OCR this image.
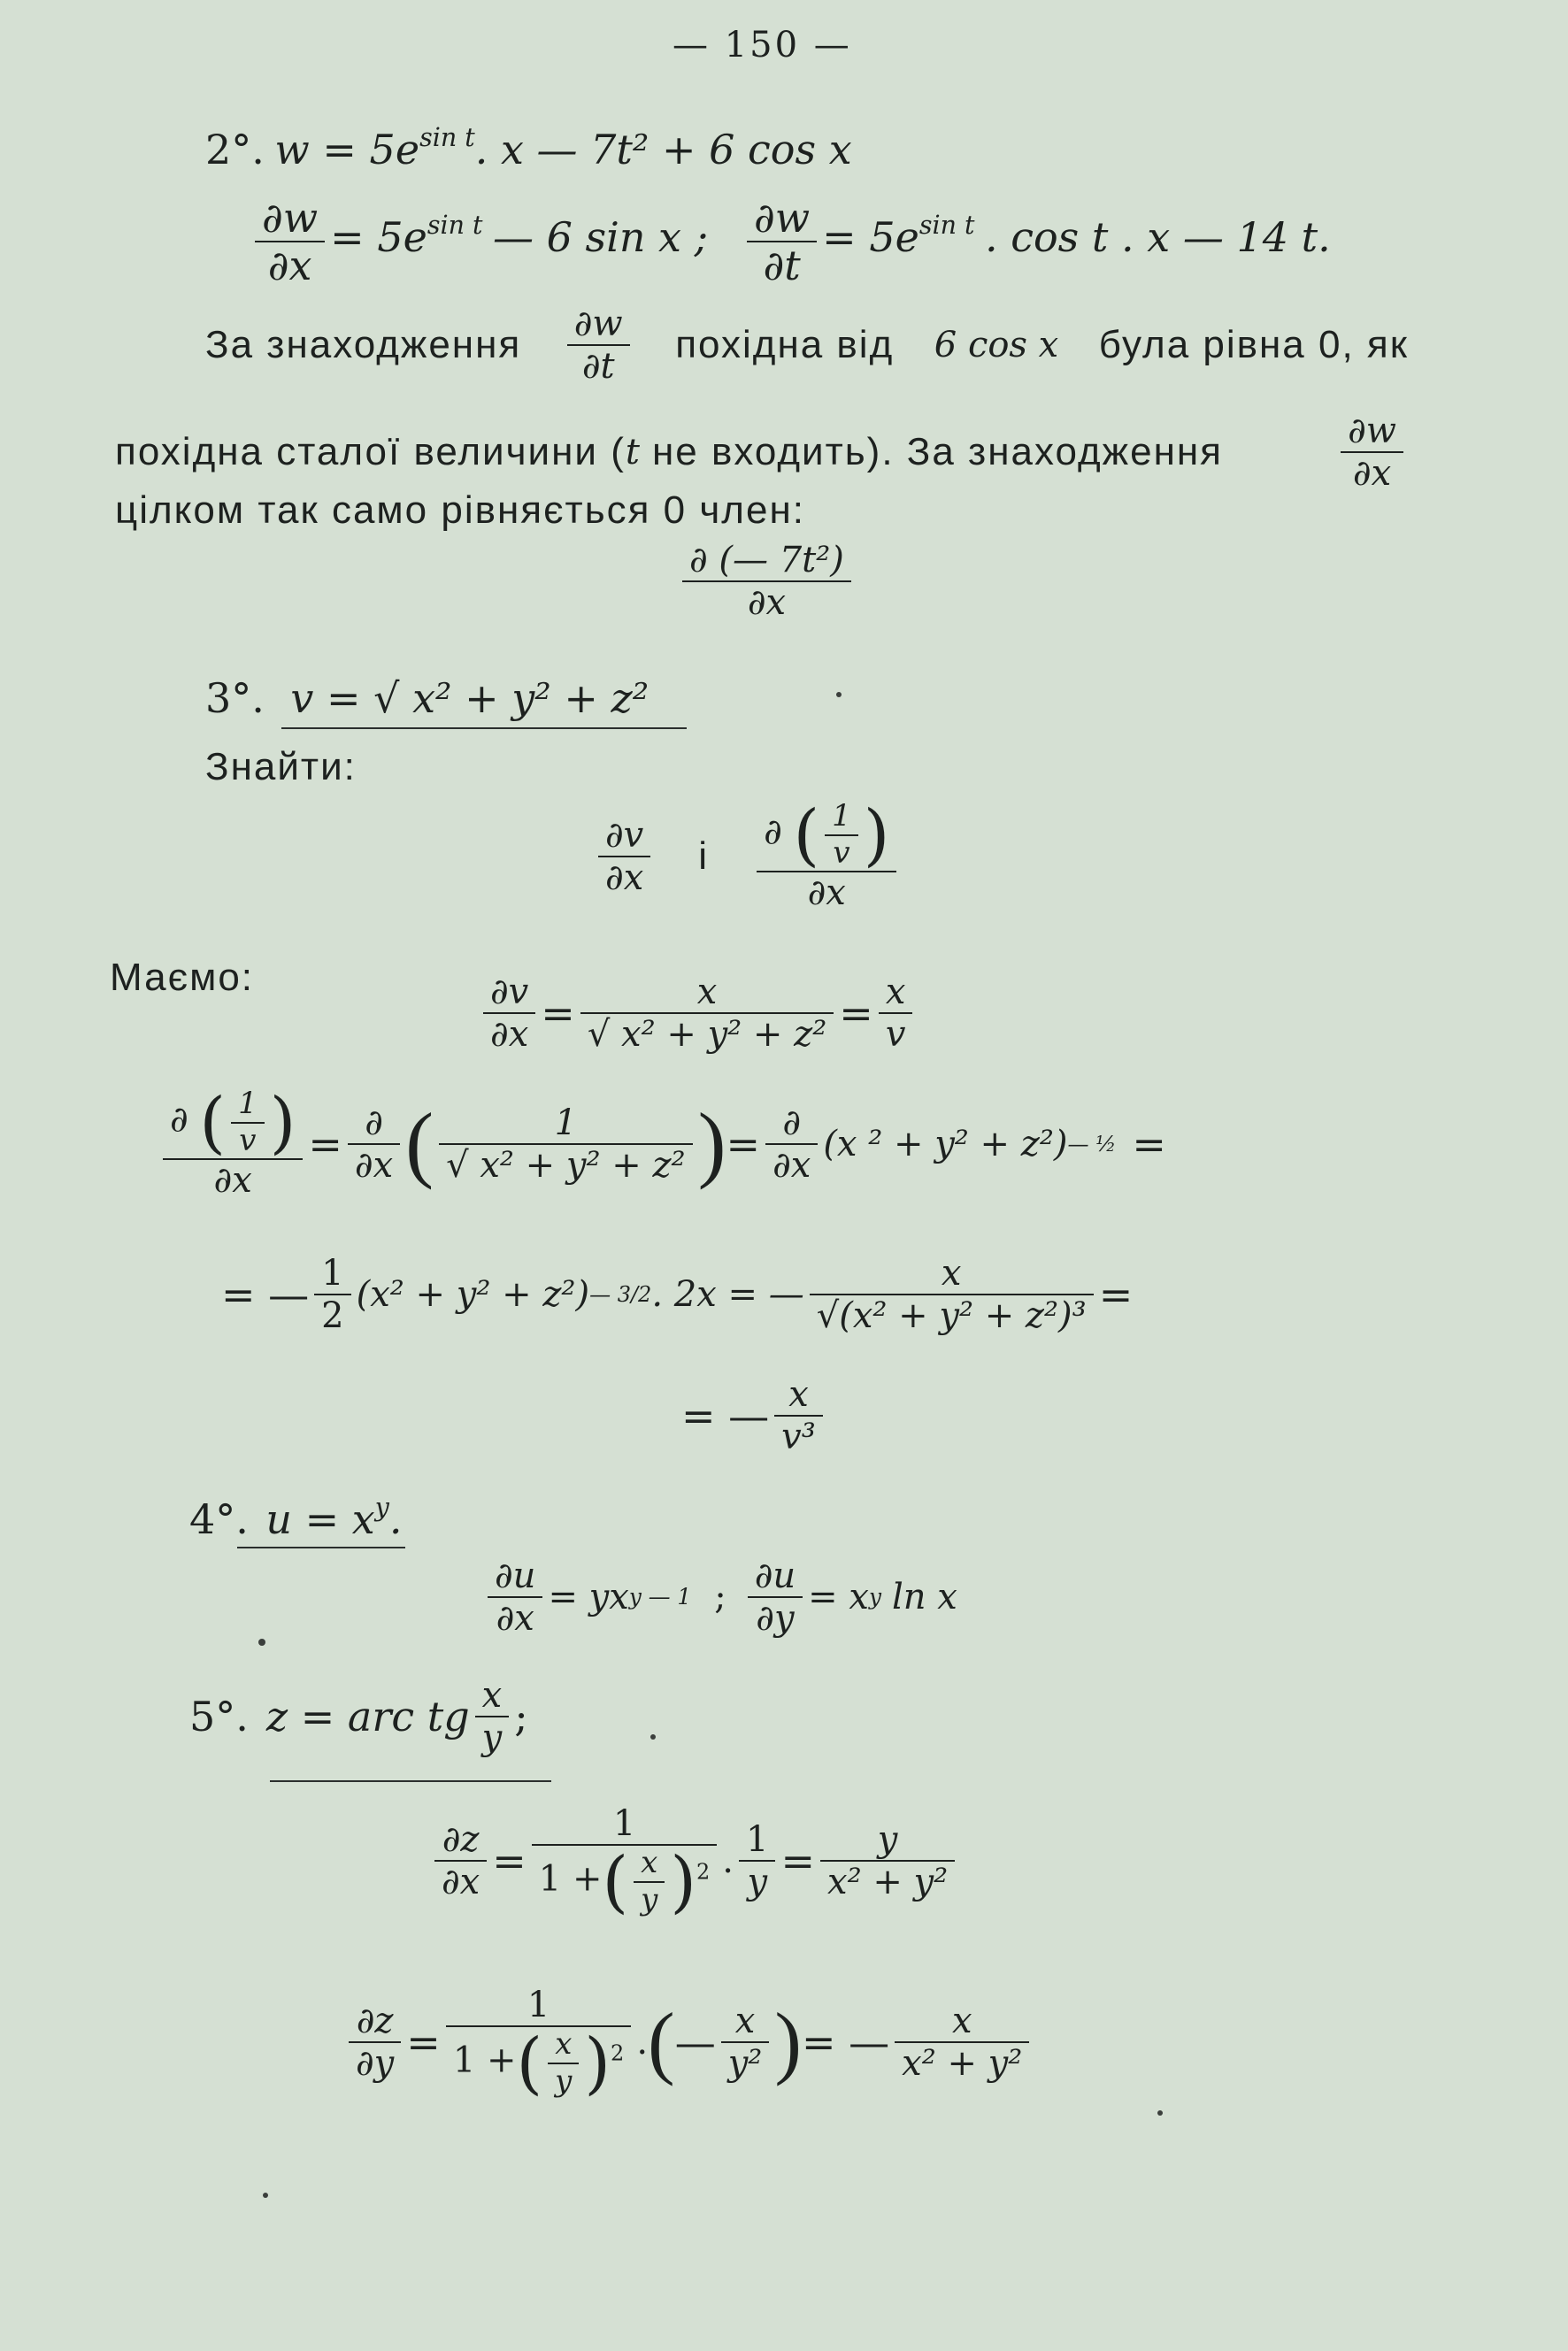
— 150 —
2°. $w = 5e^{sin t}$. x — 7t² + 6 cos x
$\frac{\partial w}{\partial x} = 5e^{sin t}$ — 6 sin x ; $\frac{\partial w}{\partial t} = 5e^{sin t}$ . cos t . x — 14 t.
За знаходження $\frac{\partial w}{\partial t}$ похідна від 6 cos x була рівна 0, як
похідна сталої величини ( t не входить). За знаходження	$\frac{\partial w}{\partial x}$
цілком так само рівняється 0 член:
$\frac{\text{∂ (— 7t²)}}{\partial x}$
3°. v = √ x² + y² + z²
Знайти:
$\frac{\partial v}{\partial x}$ і $\frac{\partial ( \frac{1}{v} )}{\partial x}$
Маємо:	$\frac{\partial v}{\partial x} = \frac{x}{\text{√ x² + y² + z²}} = \frac{x}{v}$
$\frac{\partial ( \frac{1}{v} )}{\partial x} = \frac{\partial}{\partial x}$ ( $\frac{1}{\text{√ x² + y² + z²}}$ ) = $\frac{\partial}{\partial x} (x$ ² + y² + z²) — ½ =
= — $\frac{1}{2} (x^2 + y^2 + z^2)$ — 3/2 . 2x = — $\frac{x}{\text{√(x² + y² + z²)³}}$ =
= — $\frac{x}{\text{v³}}$
4°. $u = x^y$.
$\frac{\partial u}{\partial x}$ = yx y — 1 ; $\frac{\partial u}{\partial y} = x$ y ln x
5°. z = arc tg $\frac{x}{y}$ ;
$\frac{\partial z}{\partial x} = \frac{1}{1 +( \frac{x}{y} )^2}$ . $\frac{1}{y} = \frac{y}{\text{x² + y²}}$
$\frac{\partial z}{\partial y} = \frac{1}{1 +( \frac{x}{y} )^2}$ . ( — $\frac{x}{\text{y²}}$ ) = — $\frac{x}{\text{x² + y²}}$
